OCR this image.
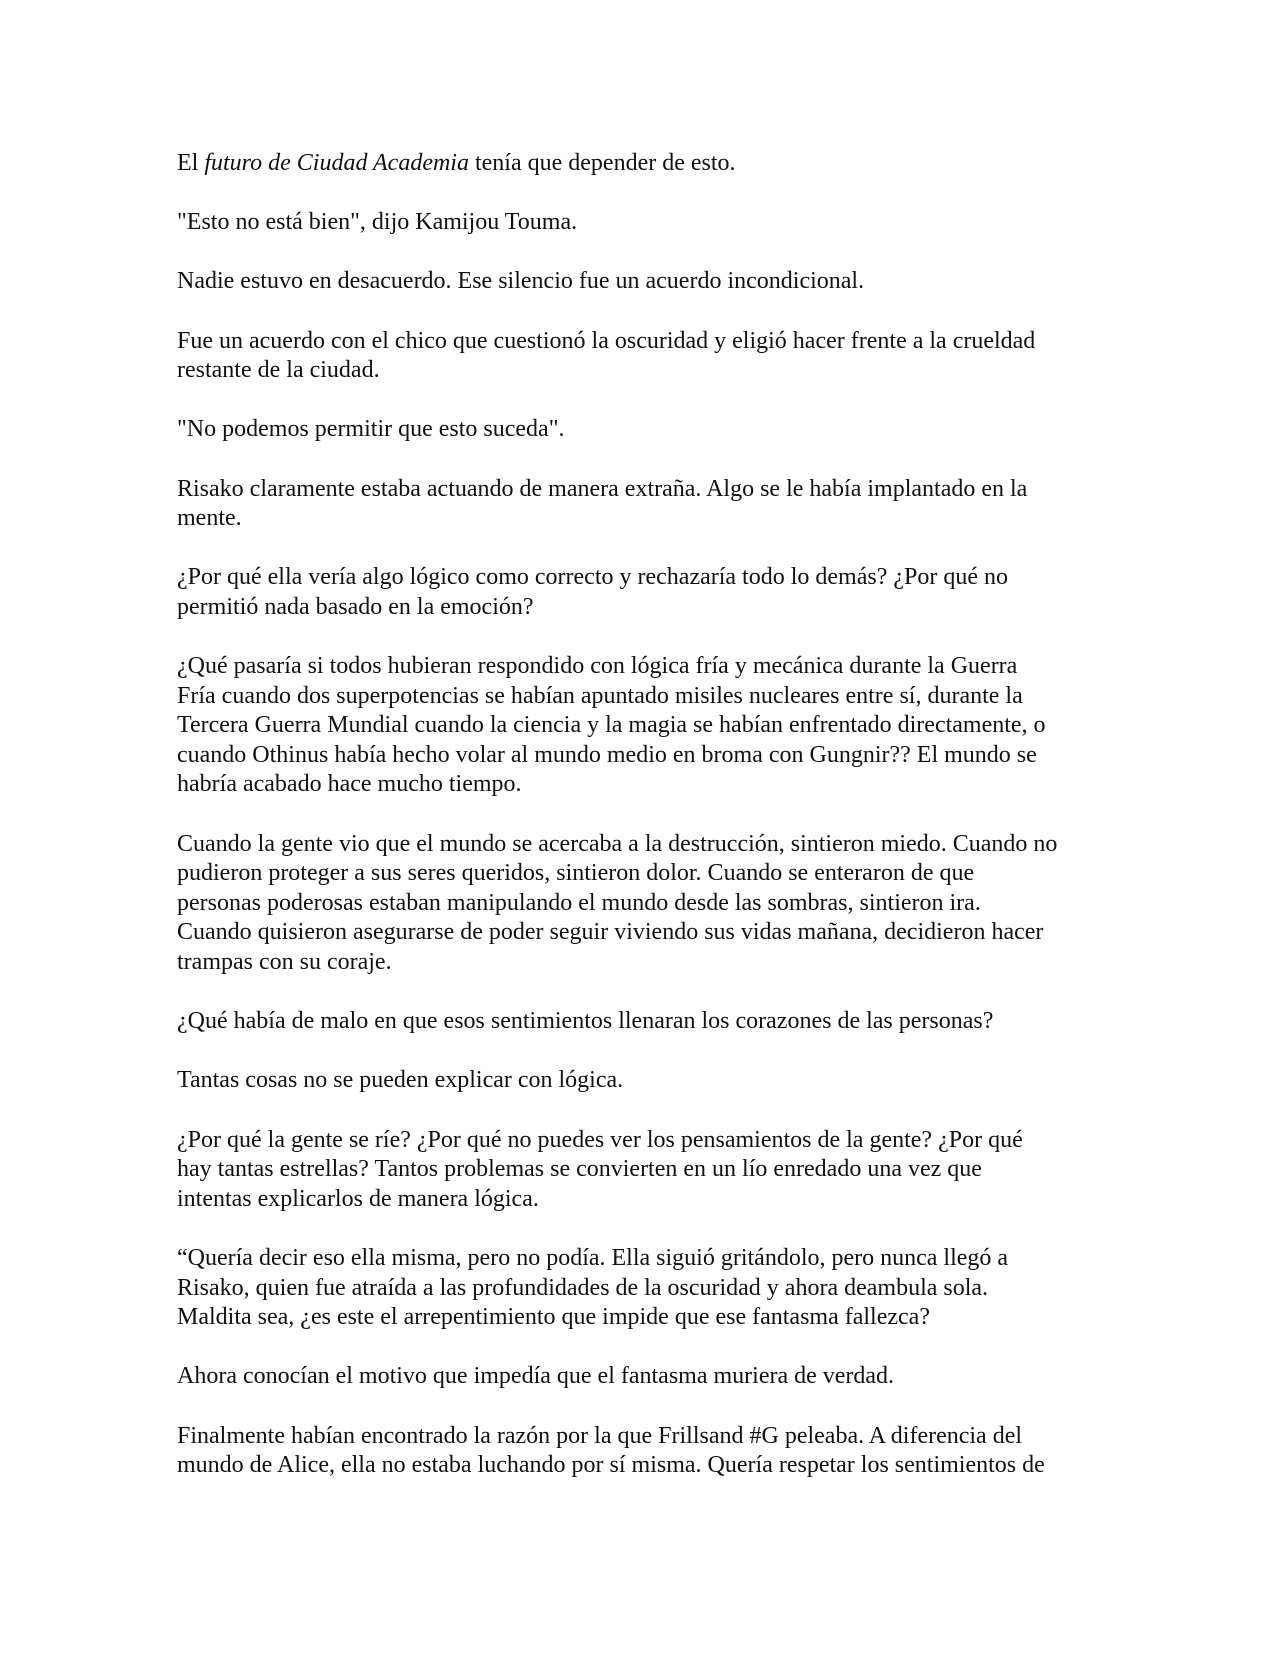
El futuro de Ciudad Academia tenía que depender de esto.

"Esto no está bien", dijo Kamijou Touma.

Nadie estuvo en desacuerdo. Ese silencio fue un acuerdo incondicional.

Fue un acuerdo con el chico que cuestionó la oscuridad y eligió hacer frente a la crueldad
restante de la ciudad.

"No podemos permitir que esto suceda".

Risako claramente estaba actuando de manera extraña. Algo se le había implantado en la
mente.

¿Por qué ella vería algo lógico como correcto y rechazaría todo lo demás? ¿Por qué no
permitió nada basado en la emoción?

¿Qué pasaría si todos hubieran respondido con lógica fría y mecánica durante la Guerra
Fría cuando dos superpotencias se habían apuntado misiles nucleares entre sí, durante la
Tercera Guerra Mundial cuando la ciencia y la magia se habían enfrentado directamente, o
cuando Othinus había hecho volar al mundo medio en broma con Gungnir?? El mundo se
habría acabado hace mucho tiempo.

Cuando la gente vio que el mundo se acercaba a la destrucción, sintieron miedo. Cuando no
pudieron proteger a sus seres queridos, sintieron dolor. Cuando se enteraron de que
personas poderosas estaban manipulando el mundo desde las sombras, sintieron ira.
Cuando quisieron asegurarse de poder seguir viviendo sus vidas mañana, decidieron hacer
trampas con su coraje.

¿Qué había de malo en que esos sentimientos llenaran los corazones de las personas?

Tantas cosas no se pueden explicar con lógica.

¿Por qué la gente se ríe? ¿Por qué no puedes ver los pensamientos de la gente? ¿Por qué
hay tantas estrellas? Tantos problemas se convierten en un lío enredado una vez que
intentas explicarlos de manera lógica.

“Quería decir eso ella misma, pero no podía. Ella siguió gritándolo, pero nunca llegó a
Risako, quien fue atraída a las profundidades de la oscuridad y ahora deambula sola.
Maldita sea, ¿es este el arrepentimiento que impide que ese fantasma fallezca?

Ahora conocían el motivo que impedía que el fantasma muriera de verdad.

Finalmente habían encontrado la razón por la que Frillsand #G peleaba. A diferencia del
mundo de Alice, ella no estaba luchando por sí misma. Quería respetar los sentimientos de
